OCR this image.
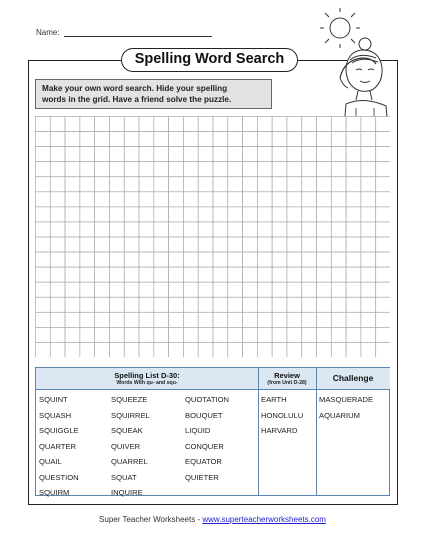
Name:
Spelling Word Search
Make your own word search. Hide your spelling
words in the grid. Have a friend solve the puzzle.
Spelling List D-30:
Words With qu- and squ-
Review
(from Unit D-28)	Challenge
SQUINT
SQUASH
SQUIGGLE
QUARTER
QUAIL
QUESTION
SQUIRM
SQUEEZE
SQUIRREL
SQUEAK
QUIVER
QUARREL
SQUAT
INQUIRE
QUOTATION
BOUQUET
LIQUID
CONQUER
EQUATOR
QUIETER
EARTH
HONOLULU
HARVARD
MASQUERADE
AQUARIUM
Super Teacher Worksheets - www.superteacherworksheets.com
